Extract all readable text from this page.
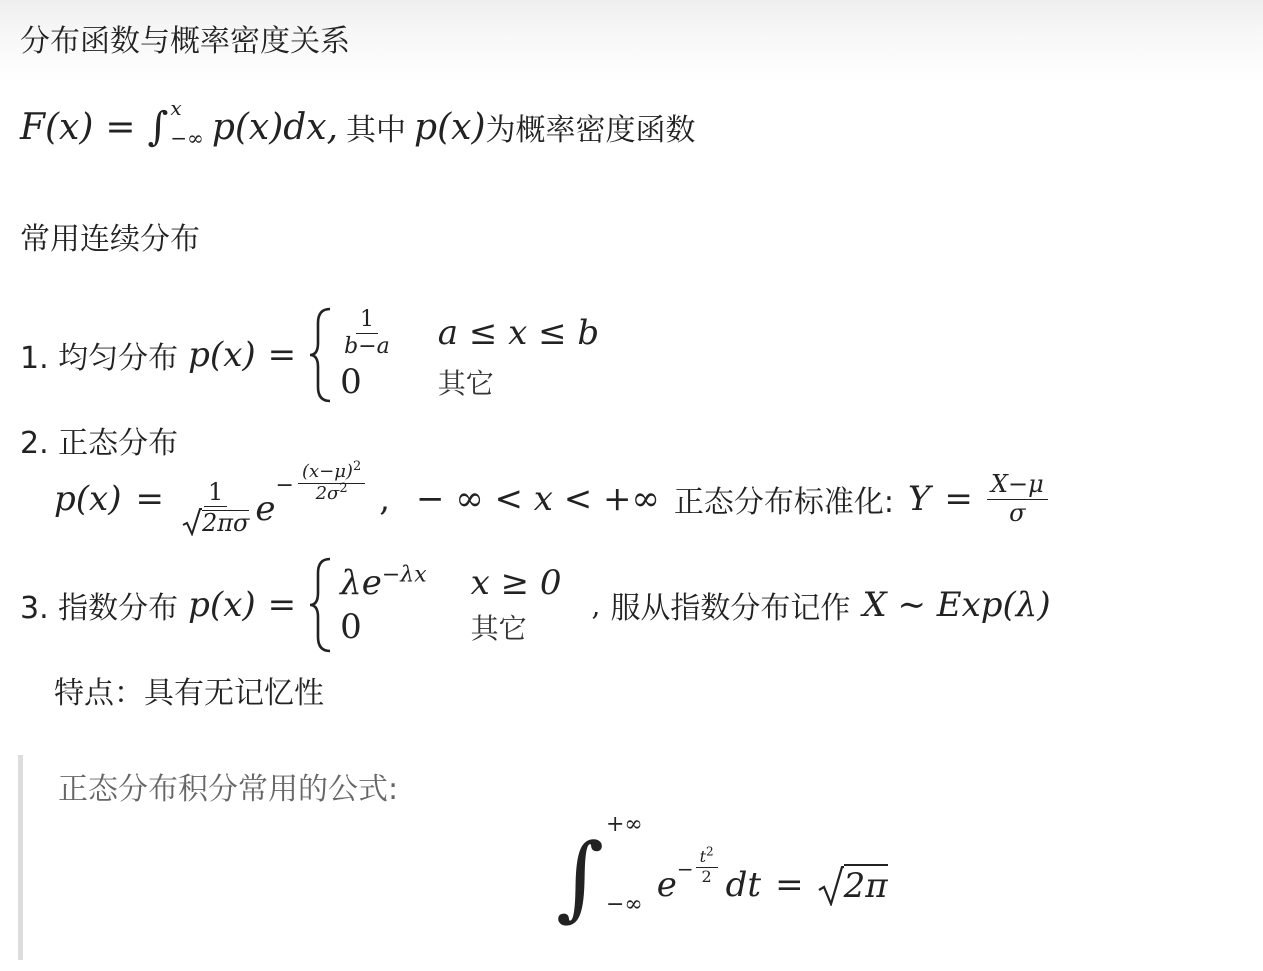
分布函数与概率密度关系
F(x) = ∫ x
−∞ p(x)dx, 其中 p(x) 为概率密度函数
常用连续分布
1. 均匀分布 $p(x) = \frac{1}{b-a}$ a ≤ x ≤ b
0	其它
2. 正态分布
$p(x) = \frac{1}{2\pi\sigma}$ e
− $\frac{(x-\mu)^2}{2\sigma^2}$ , − ∞ < x < +∞ 正态分布标准化: $Y = \frac{X-\mu}{\sigma}$
3. 指数分布 p(x) =
$\lambda e^{-\lambda x}$ x ≥ 0
0	其它
, 服从指数分布记作 X ∼ Exp(λ)
特点：具有无记忆性
正态分布积分常用的公式:
∫ +∞
−∞ $e - \frac{t^2}{2}$ dt = 2π
